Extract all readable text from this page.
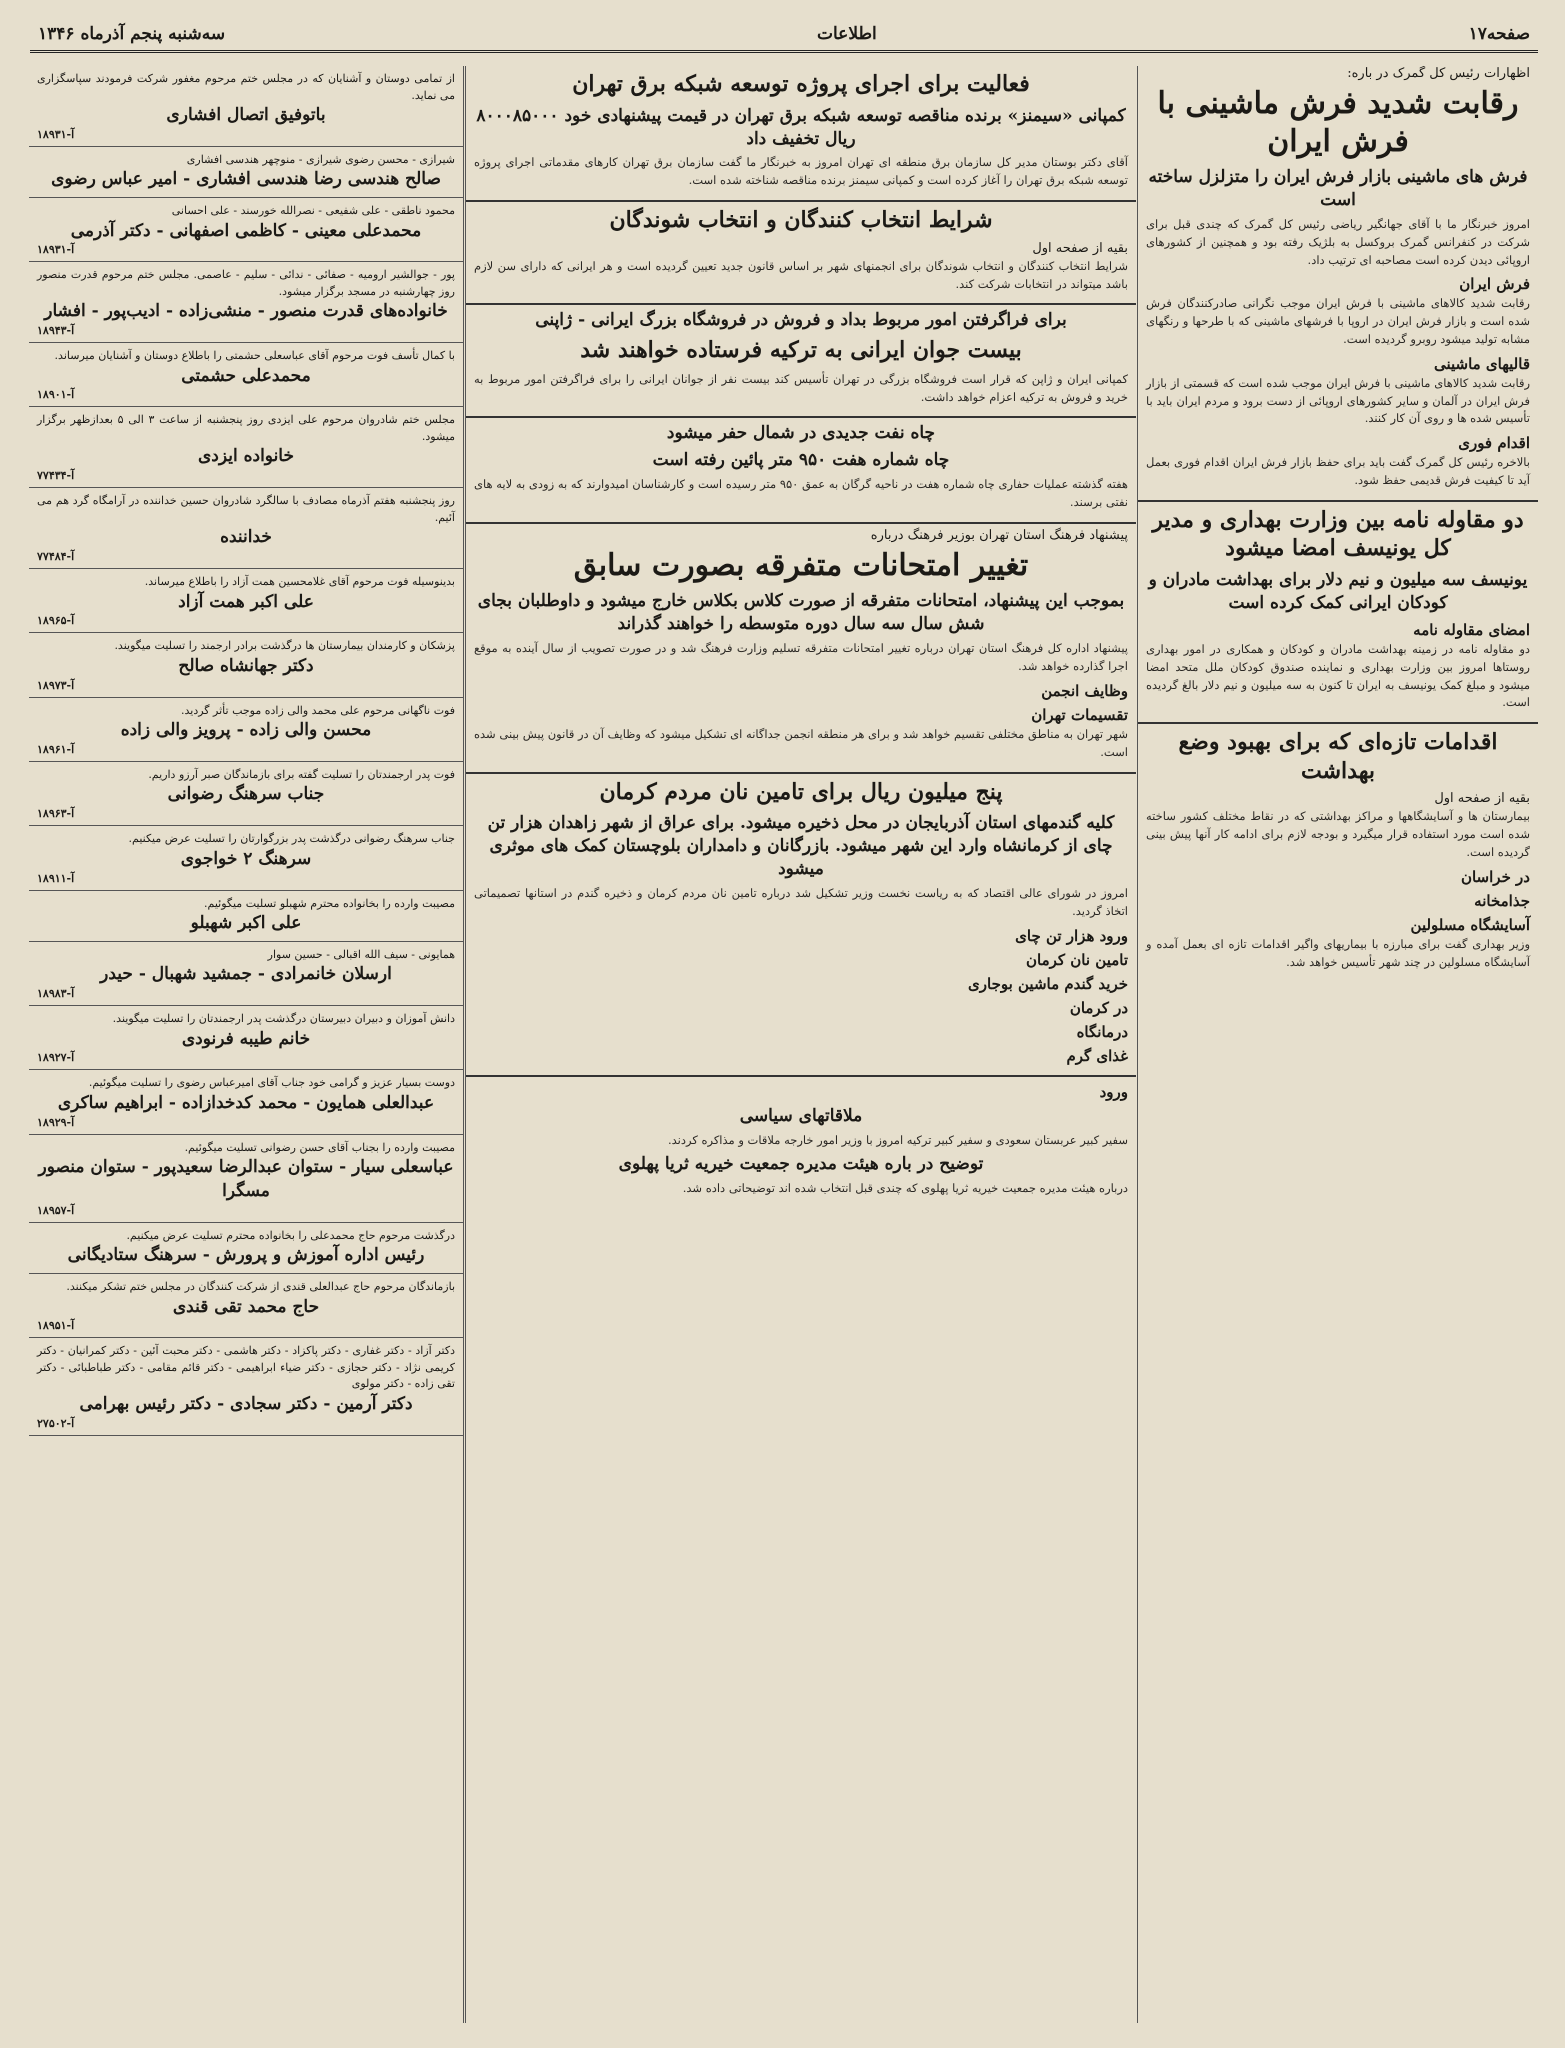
صفحه۱۷
اطلاعات
سه‌شنبه پنجم آذرماه ۱۳۴۶
اظهارات رئیس کل گمرک در باره:
رقابت شدید فرش ماشینی با فرش ایران
فرش های ماشینی بازار فرش ایران را متزلزل ساخته است
امروز خبرنگار ما با آقای جهانگیر ریاضی رئیس کل گمرک که چندی قبل برای شرکت در کنفرانس گمرک بروکسل به بلژیک رفته بود و همچنین از کشورهای اروپائی دیدن کرده است مصاحبه ای ترتیب داد.
فرش ایران
رقابت شدید کالاهای ماشینی با فرش ایران موجب نگرانی صادرکنندگان فرش شده است و بازار فرش ایران در اروپا با فرشهای ماشینی که با طرحها و رنگهای مشابه تولید میشود روبرو گردیده است.
قالیهای ماشینی
رقابت شدید کالاهای ماشینی با فرش ایران موجب شده است که قسمتی از بازار فرش ایران در آلمان و سایر کشورهای اروپائی از دست برود و مردم ایران باید با تأسیس شده ها و روی آن کار کنند.
اقدام فوری
بالاخره رئیس کل گمرک گفت باید برای حفظ بازار فرش ایران اقدام فوری بعمل آید تا کیفیت فرش قدیمی حفظ شود.
دو مقاوله نامه بین وزارت بهداری و مدیر کل یونیسف امضا میشود
یونیسف سه میلیون و نیم دلار برای بهداشت مادران و کودکان ایرانی کمک کرده است
امضای مقاوله نامه
دو مقاوله نامه در زمینه بهداشت مادران و کودکان و همکاری در امور بهداری روستاها امروز بین وزارت بهداری و نماینده صندوق کودکان ملل متحد امضا میشود و مبلغ کمک یونیسف به ایران تا کنون به سه میلیون و نیم دلار بالغ گردیده است.
اقدامات تازه‌ای که برای بهبود وضع بهداشت
بقیه از صفحه اول
بیمارستان ها و آسایشگاهها و مراکز بهداشتی که در نقاط مختلف کشور ساخته شده است مورد استفاده قرار میگیرد و بودجه لازم برای ادامه کار آنها پیش بینی گردیده است.
در خراسان
جذامخانه
آسایشگاه مسلولین
وزیر بهداری گفت برای مبارزه با بیماریهای واگیر اقدامات تازه ای بعمل آمده و آسایشگاه مسلولین در چند شهر تأسیس خواهد شد.
فعالیت برای اجرای پروژه توسعه شبکه برق تهران
کمپانی «سیمنز» برنده مناقصه توسعه شبکه برق تهران در قیمت پیشنهادی خود ۸۰۰۰۸۵۰۰۰ ریال تخفیف داد
آقای دکتر بوستان مدیر کل سازمان برق منطقه ای تهران امروز به خبرنگار ما گفت سازمان برق تهران کارهای مقدماتی اجرای پروژه توسعه شبکه برق تهران را آغاز کرده است و کمپانی سیمنز برنده مناقصه شناخته شده است.
شرایط انتخاب کنندگان و انتخاب شوندگان
بقیه از صفحه اول
شرایط انتخاب کنندگان و انتخاب شوندگان برای انجمنهای شهر بر اساس قانون جدید تعیین گردیده است و هر ایرانی که دارای سن لازم باشد میتواند در انتخابات شرکت کند.
برای فراگرفتن امور مربوط بداد و فروش در فروشگاه بزرگ ایرانی - ژاپنی
بیست جوان ایرانی به ترکیه فرستاده خواهند شد
کمپانی ایران و ژاپن که قرار است فروشگاه بزرگی در تهران تأسیس کند بیست نفر از جوانان ایرانی را برای فراگرفتن امور مربوط به خرید و فروش به ترکیه اعزام خواهد داشت.
چاه نفت جدیدی در شمال حفر میشود
چاه شماره هفت ۹۵۰ متر پائین رفته است
هفته گذشته عملیات حفاری چاه شماره هفت در ناحیه گرگان به عمق ۹۵۰ متر رسیده است و کارشناسان امیدوارند که به زودی به لایه های نفتی برسند.
پیشنهاد فرهنگ استان تهران بوزیر فرهنگ درباره
تغییر امتحانات متفرقه بصورت سابق
بموجب این پیشنهاد، امتحانات متفرقه از صورت کلاس بکلاس خارج میشود و داوطلبان بجای شش سال سه سال دوره متوسطه را خواهند گذراند
پیشنهاد اداره کل فرهنگ استان تهران درباره تغییر امتحانات متفرقه تسلیم وزارت فرهنگ شد و در صورت تصویب از سال آینده به موقع اجرا گذارده خواهد شد.
وظایف انجمن
تقسیمات تهران
شهر تهران به مناطق مختلفی تقسیم خواهد شد و برای هر منطقه انجمن جداگانه ای تشکیل میشود که وظایف آن در قانون پیش بینی شده است.
پنج میلیون ریال برای تامین نان مردم کرمان
کلیه گندمهای استان آذربایجان در محل ذخیره میشود. برای عراق از شهر زاهدان هزار تن چای از کرمانشاه وارد این شهر میشود. بازرگانان و دامداران بلوچستان کمک های موثری میشود
امروز در شورای عالی اقتصاد که به ریاست نخست وزیر تشکیل شد درباره تامین نان مردم کرمان و ذخیره گندم در استانها تصمیماتی اتخاذ گردید.
ورود هزار تن چای
تامین نان کرمان
خرید گندم ماشین بوجاری
در کرمان
درمانگاه
غذای گرم
ورود
ملاقاتهای سیاسی
سفیر کبیر عربستان سعودی و سفیر کبیر ترکیه امروز با وزیر امور خارجه ملاقات و مذاکره کردند.
توضیح در باره هیئت مدیره جمعیت خیریه ثریا پهلوی
درباره هیئت مدیره جمعیت خیریه ثریا پهلوی که چندی قبل انتخاب شده اند توضیحاتی داده شد.
از تمامی دوستان و آشنایان که در مجلس ختم مرحوم مغفور شرکت فرمودند سپاسگزاری می نماید.
باتوفیق اتصال افشاری
آ-۱۸۹۳۱
شیرازی - محسن رضوی شیرازی - منوچهر هندسی افشاری
صالح هندسی رضا هندسی افشاری - امیر عباس رضوی
محمود ناطقی - علی شفیعی - نصرالله خورسند - علی احسانی
محمدعلی معینی - کاظمی اصفهانی - دکتر آذرمی
آ-۱۸۹۳۱
پور - جوالشیر ارومیه - صفائی - ندائی - سلیم - عاصمی. مجلس ختم مرحوم قدرت منصور روز چهارشنبه در مسجد برگزار میشود.
خانواده‌های قدرت منصور - منشی‌زاده - ادیب‌پور - افشار
آ-۱۸۹۴۳
با کمال تأسف فوت مرحوم آقای عباسعلی حشمتی را باطلاع دوستان و آشنایان میرساند.
محمدعلی حشمتی
آ-۱۸۹۰۱
مجلس ختم شادروان مرحوم علی ایزدی روز پنجشنبه از ساعت ۳ الی ۵ بعدازظهر برگزار میشود.
خانواده ایزدی
آ-۷۷۴۳۴
روز پنجشنبه هفتم آذرماه مصادف با سالگرد شادروان حسین خداننده در آرامگاه گرد هم می آئیم.
خداننده
آ-۷۷۴۸۴
بدینوسیله فوت مرحوم آقای غلامحسین همت آزاد را باطلاع میرساند.
علی اکبر همت آزاد
آ-۱۸۹۶۵
پزشکان و کارمندان بیمارستان ها درگذشت برادر ارجمند را تسلیت میگویند.
دکتر جهانشاه صالح
آ-۱۸۹۷۳
فوت ناگهانی مرحوم علی محمد والی زاده موجب تأثر گردید.
محسن والی زاده - پرویز والی زاده
آ-۱۸۹۶۱
فوت پدر ارجمندتان را تسلیت گفته برای بازماندگان صبر آرزو داریم.
جناب سرهنگ رضوانی
آ-۱۸۹۶۳
جناب سرهنگ رضوانی درگذشت پدر بزرگوارتان را تسلیت عرض میکنیم.
سرهنگ ۲ خواجوی
آ-۱۸۹۱۱
مصیبت وارده را بخانواده محترم شهبلو تسلیت میگوئیم.
علی اکبر شهبلو
همایونی - سیف الله اقبالی - حسین سوار
ارسلان خانمرادی - جمشید شهبال - حیدر
آ-۱۸۹۸۳
دانش آموزان و دبیران دبیرستان درگذشت پدر ارجمندتان را تسلیت میگویند.
خانم طیبه فرنودی
آ-۱۸۹۲۷
دوست بسیار عزیز و گرامی خود جناب آقای امیرعباس رضوی را تسلیت میگوئیم.
عبدالعلی همایون - محمد کدخدازاده - ابراهیم ساکری
آ-۱۸۹۲۹
مصیبت وارده را بجناب آقای حسن رضوانی تسلیت میگوئیم.
عباسعلی سیار - ستوان عبدالرضا سعیدپور - ستوان منصور مسگرا
آ-۱۸۹۵۷
درگذشت مرحوم حاج محمدعلی را بخانواده محترم تسلیت عرض میکنیم.
رئیس اداره آموزش و پرورش - سرهنگ ستادیگانی
بازماندگان مرحوم حاج عبدالعلی قندی از شرکت کنندگان در مجلس ختم تشکر میکنند.
حاج محمد تقی قندی
آ-۱۸۹۵۱
دکتر آزاد - دکتر غفاری - دکتر پاکزاد - دکتر هاشمی - دکتر محبت آئین - دکتر کمرانیان - دکتر کریمی نژاد - دکتر حجازی - دکتر ضیاء ابراهیمی - دکتر قائم مقامی - دکتر طباطبائی - دکتر تقی زاده - دکتر مولوی
دکتر آرمین - دکتر سجادی - دکتر رئیس بهرامی
آ-۲۷۵۰۲
